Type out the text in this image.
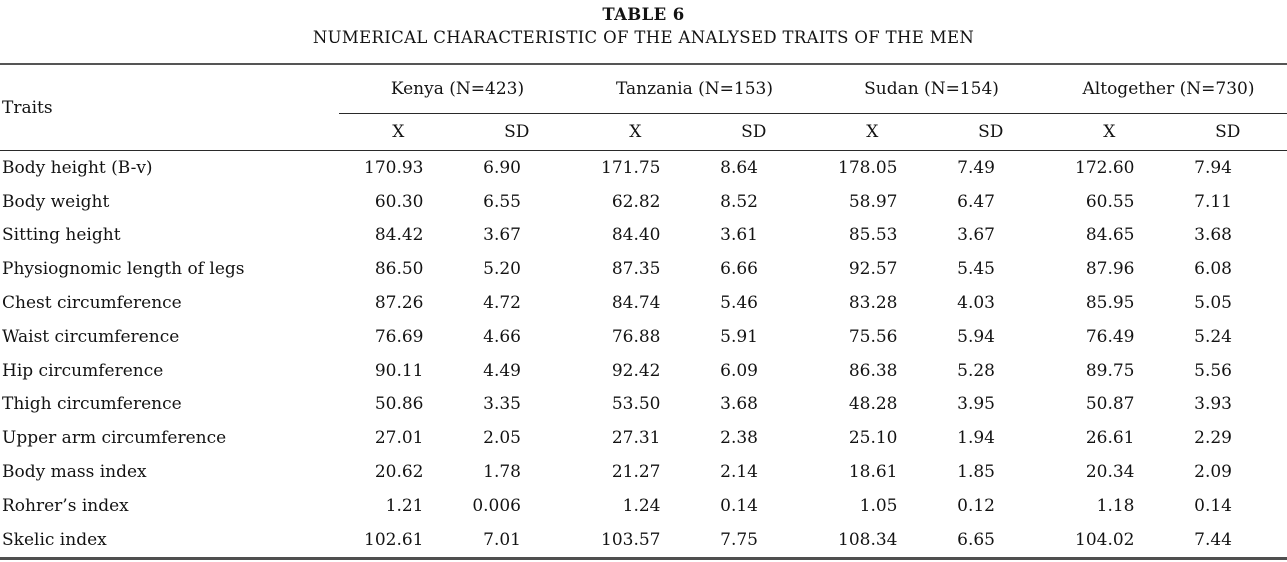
TABLE 6
NUMERICAL CHARACTERISTIC OF THE ANALYSED TRAITS OF THE MEN
Traits	Kenya (N=423)		Tanzania (N=153)		Sudan (N=154)		Altogether (N=730)	
	X	SD	X	SD	X	SD	X	SD
Body height (B-v)	170.93	6.90	171.75	8.64	178.05	7.49	172.60	7.94
Body weight	60.30	6.55	62.82	8.52	58.97	6.47	60.55	7.11
Sitting height	84.42	3.67	84.40	3.61	85.53	3.67	84.65	3.68
Physiognomic length of legs	86.50	5.20	87.35	6.66	92.57	5.45	87.96	6.08
Chest circumference	87.26	4.72	84.74	5.46	83.28	4.03	85.95	5.05
Waist circumference	76.69	4.66	76.88	5.91	75.56	5.94	76.49	5.24
Hip circumference	90.11	4.49	92.42	6.09	86.38	5.28	89.75	5.56
Thigh circumference	50.86	3.35	53.50	3.68	48.28	3.95	50.87	3.93
Upper arm circumference	27.01	2.05	27.31	2.38	25.10	1.94	26.61	2.29
Body mass index	20.62	1.78	21.27	2.14	18.61	1.85	20.34	2.09
Rohrer’s index	1.21	0.006	1.24	0.14	1.05	0.12	1.18	0.14
Skelic index	102.61	7.01	103.57	7.75	108.34	6.65	104.02	7.44
